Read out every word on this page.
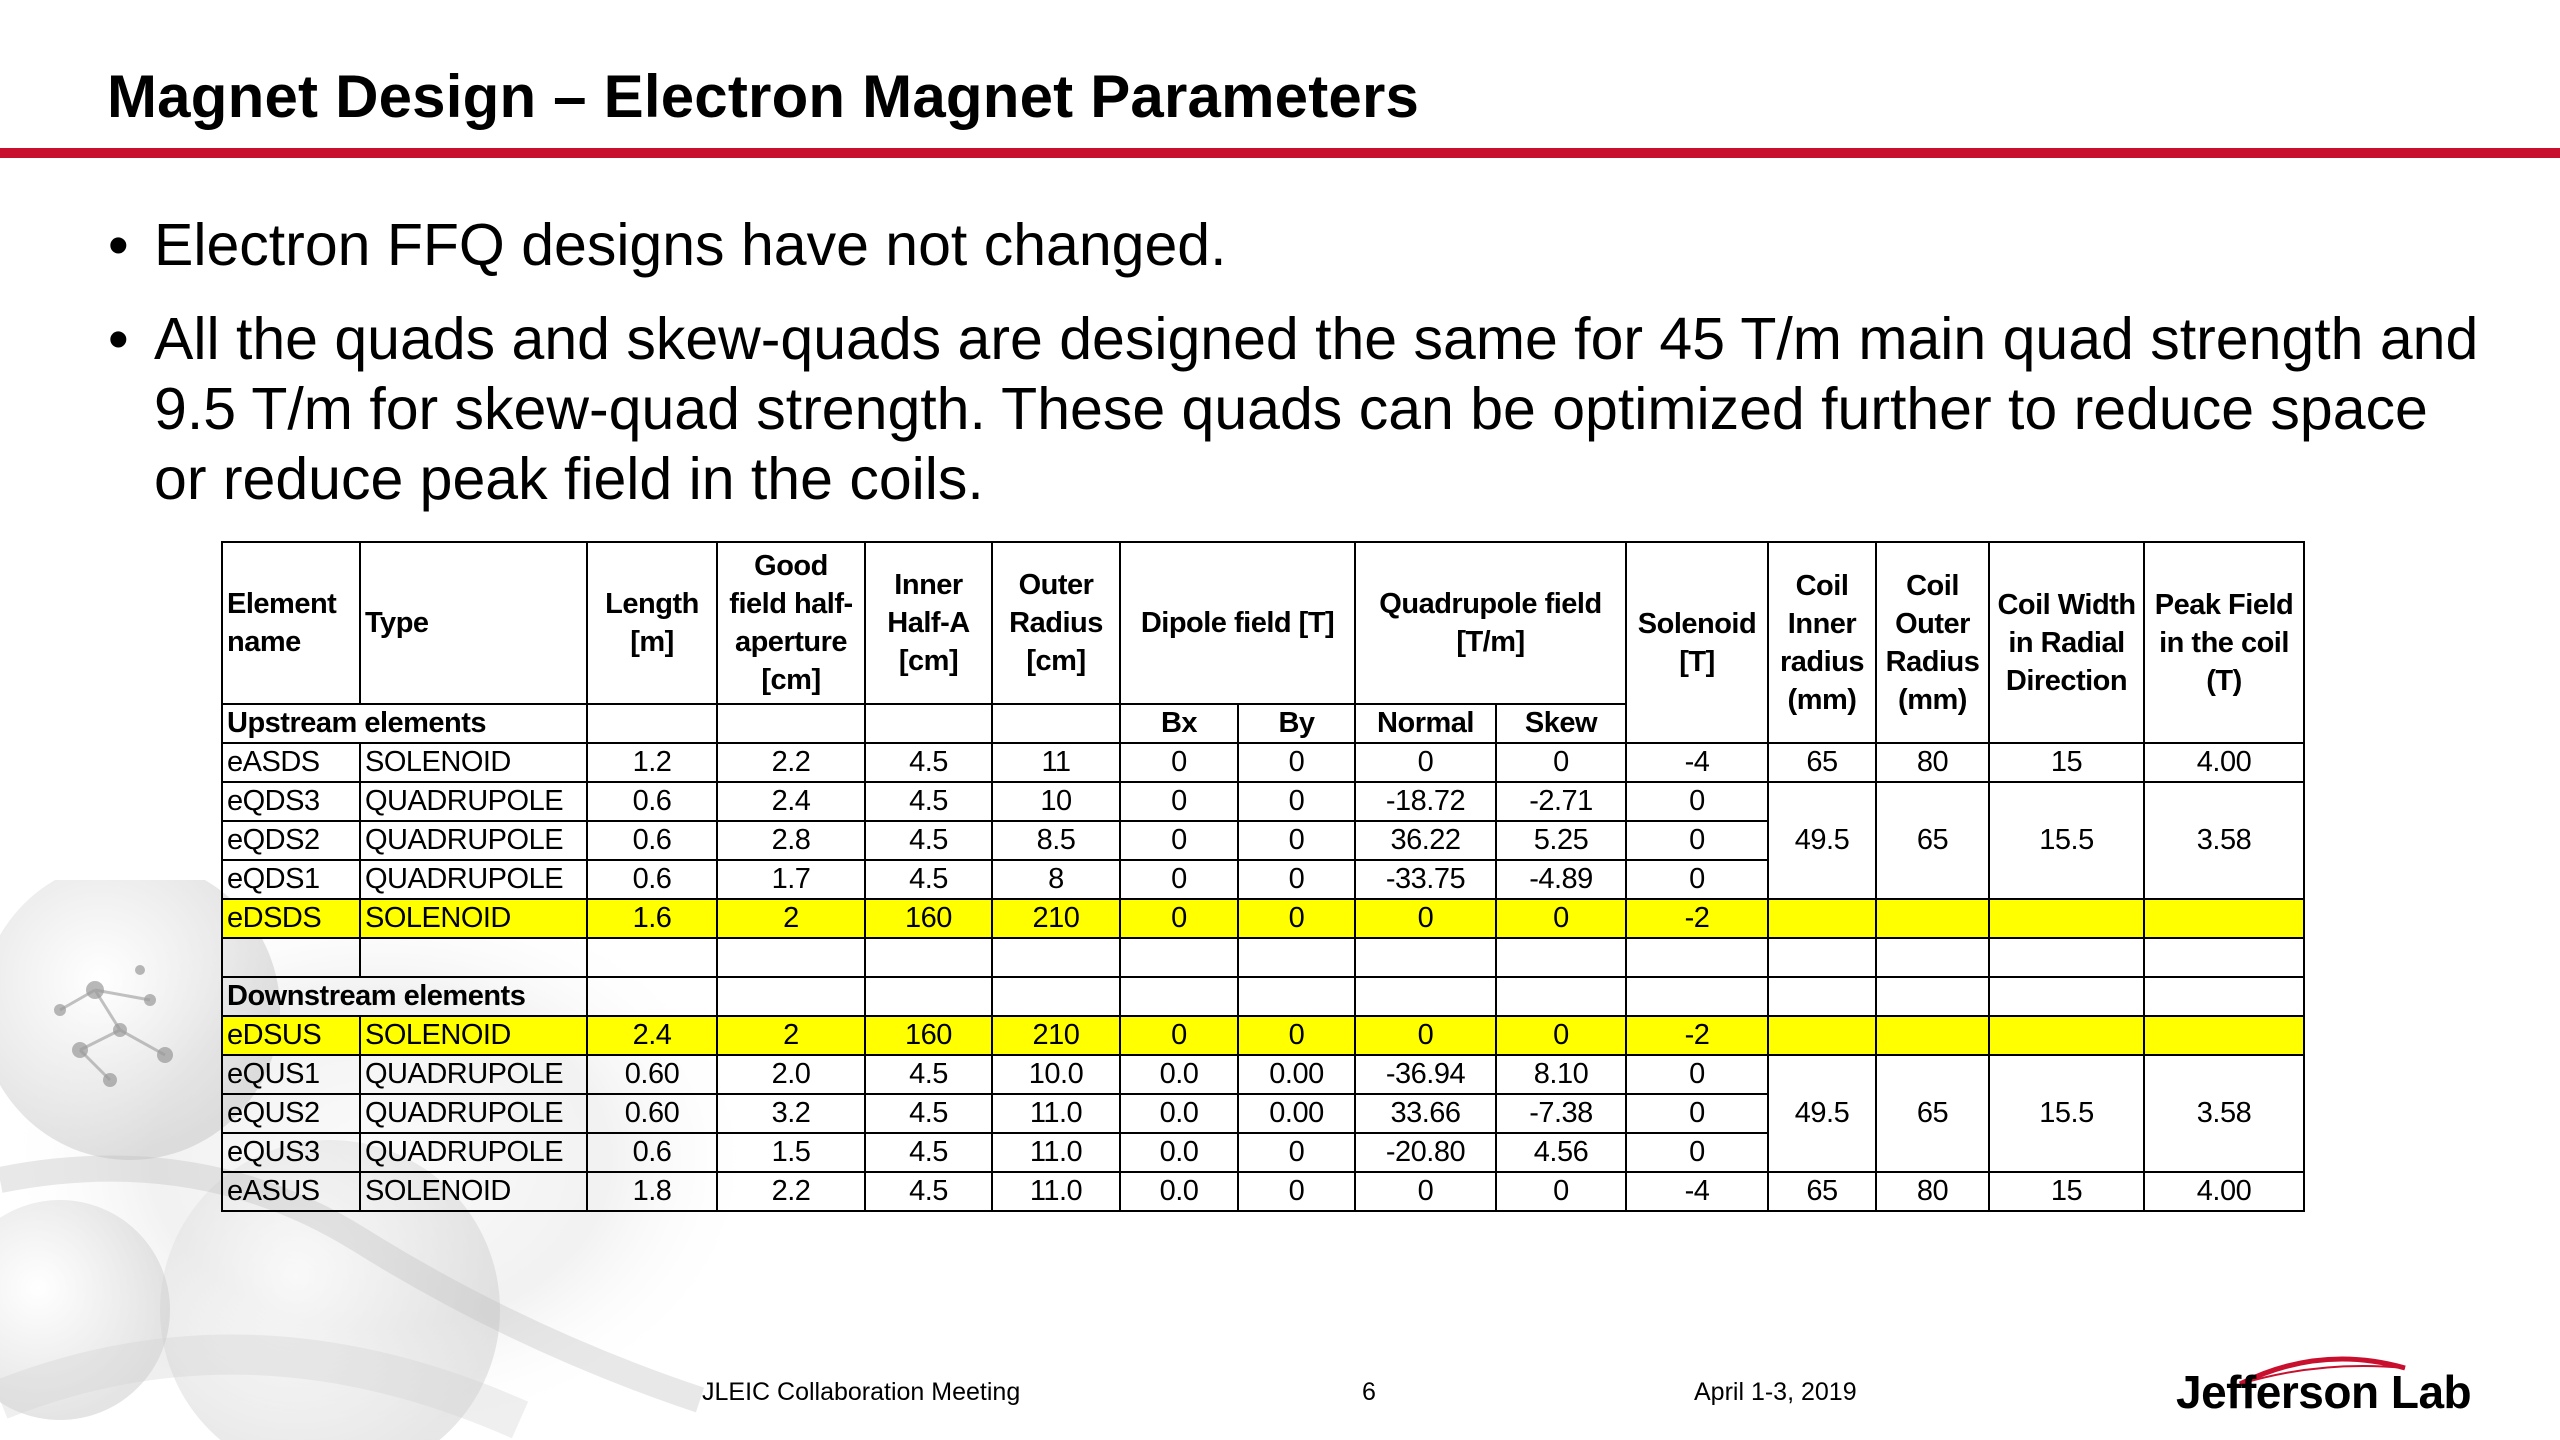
Magnet Design – Electron Magnet Parameters
• Electron FFQ designs have not changed.
• All the quads and skew-quads are designed the same for 45 T/m main quad strength and 9.5 T/m for skew-quad strength. These quads can be optimized further to reduce space or reduce peak field in the coils.
Element name	Type	Length [m]	Good field half-aperture [cm]	Inner Half-A [cm]	Outer Radius [cm]	Dipole field [T]		Quadrupole field [T/m]		Solenoid [T]	Coil Inner radius (mm)	Coil Outer Radius (mm)	Coil Width in Radial Direction	Peak Field in the coil (T)
Upstream elements						Bx	By	Normal	Skew					
eASDS	SOLENOID	1.2	2.2	4.5	11	0	0	0	0	-4	65	80	15	4.00
eQDS3	QUADRUPOLE	0.6	2.4	4.5	10	0	0	-18.72	-2.71	0	49.5	65	15.5	3.58
eQDS2	QUADRUPOLE	0.6	2.8	4.5	8.5	0	0	36.22	5.25	0				
eQDS1	QUADRUPOLE	0.6	1.7	4.5	8	0	0	-33.75	-4.89	0				
eDSDS	SOLENOID	1.6	2	160	210	0	0	0	0	-2				

Downstream elements														
eDSUS	SOLENOID	2.4	2	160	210	0	0	0	0	-2				
eQUS1	QUADRUPOLE	0.60	2.0	4.5	10.0	0.0	0.00	-36.94	8.10	0	49.5	65	15.5	3.58
eQUS2	QUADRUPOLE	0.60	3.2	4.5	11.0	0.0	0.00	33.66	-7.38	0				
eQUS3	QUADRUPOLE	0.6	1.5	4.5	11.0	0.0	0	-20.80	4.56	0				
eASUS	SOLENOID	1.8	2.2	4.5	11.0	0.0	0	0	0	-4	65	80	15	4.00
JLEIC Collaboration Meeting	6	April 1-3, 2019	Jefferson Lab
